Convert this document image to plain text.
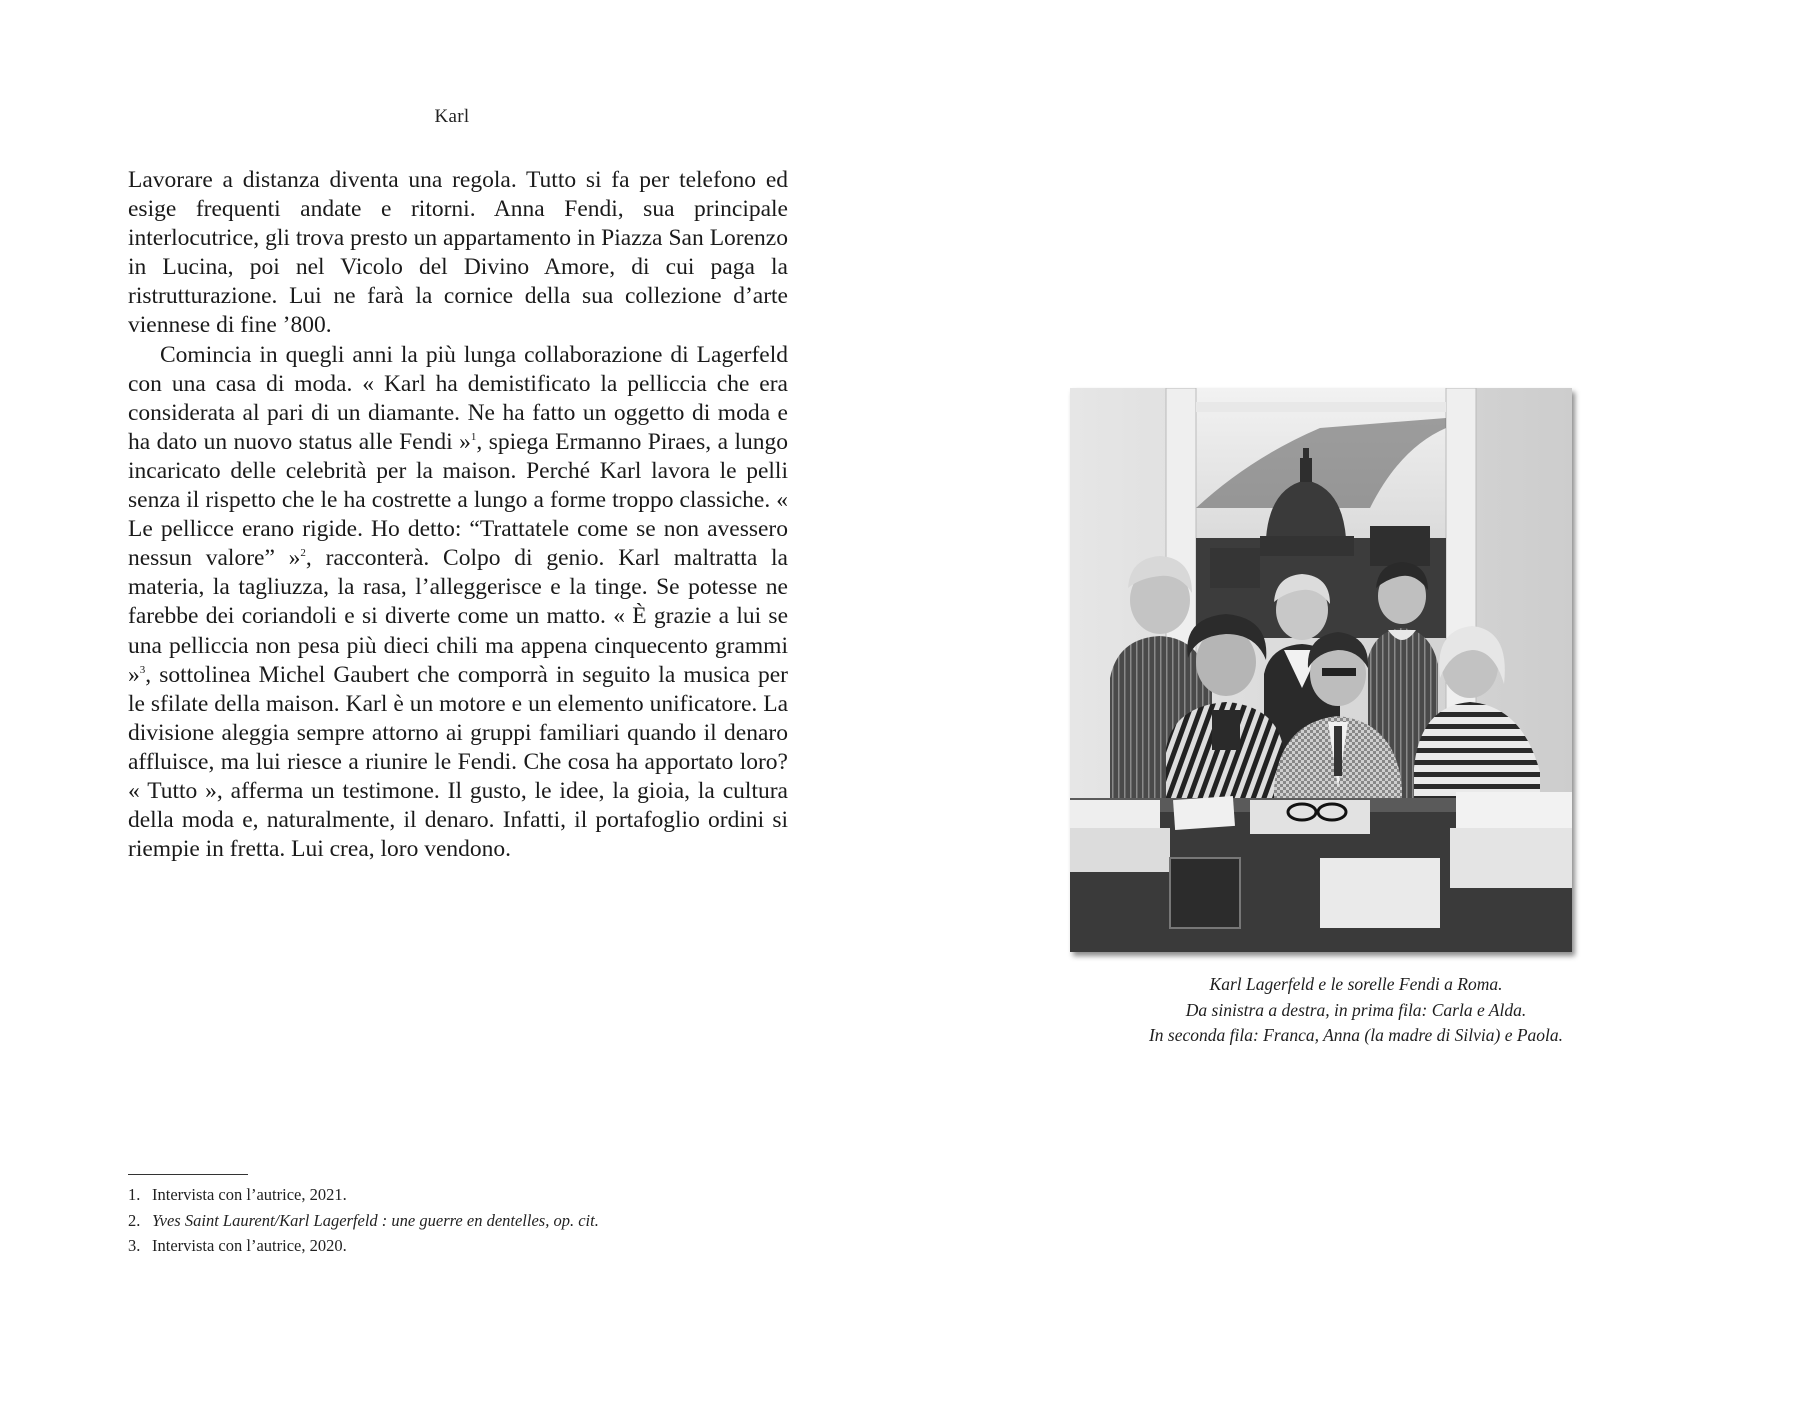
Karl

Lavorare a distanza diventa una regola. Tutto si fa per telefono ed esige frequenti andate e ritorni. Anna Fendi, sua principale interlocutrice, gli trova presto un appartamento in Piazza San Lorenzo in Lucina, poi nel Vicolo del Divino Amore, di cui paga la ristrutturazione. Lui ne farà la cornice della sua collezione d’arte viennese di fine ’800.

Comincia in quegli anni la più lunga collaborazione di Lagerfeld con una casa di moda. « Karl ha demistificato la pelliccia che era considerata al pari di un diamante. Ne ha fatto un oggetto di moda e ha dato un nuovo status alle Fendi »$^1$, spiega Ermanno Piraes, a lungo incaricato delle celebrità per la maison. Perché Karl lavora le pelli senza il rispetto che le ha costrette a lungo a forme troppo classiche. « Le pellicce erano rigide. Ho detto: “Trattatele come se non avessero nessun valore” »$^2$, racconterà. Colpo di genio. Karl maltratta la materia, la tagliuzza, la rasa, l’alleggerisce e la tinge. Se potesse ne farebbe dei coriandoli e si diverte come un matto. « È grazie a lui se una pelliccia non pesa più dieci chili ma appena cinquecento grammi »$^3$, sottolinea Michel Gaubert che comporrà in seguito la musica per le sfilate della maison. Karl è un motore e un elemento unificatore. La divisione aleggia sempre attorno ai gruppi familiari quando il denaro affluisce, ma lui riesce a riunire le Fendi. Che cosa ha apportato loro? « Tutto », afferma un testimone. Il gusto, le idee, la gioia, la cultura della moda e, naturalmente, il denaro. Infatti, il portafoglio ordini si riempie in fretta. Lui crea, loro vendono.

1. Intervista con l’autrice, 2021.
2. Yves Saint Laurent/Karl Lagerfeld : une guerre en dentelles, op. cit.
3. Intervista con l’autrice, 2020.
Karl Lagerfeld e le sorelle Fendi a Roma.
Da sinistra a destra, in prima fila: Carla e Alda.
In seconda fila: Franca, Anna (la madre di Silvia) e Paola.
